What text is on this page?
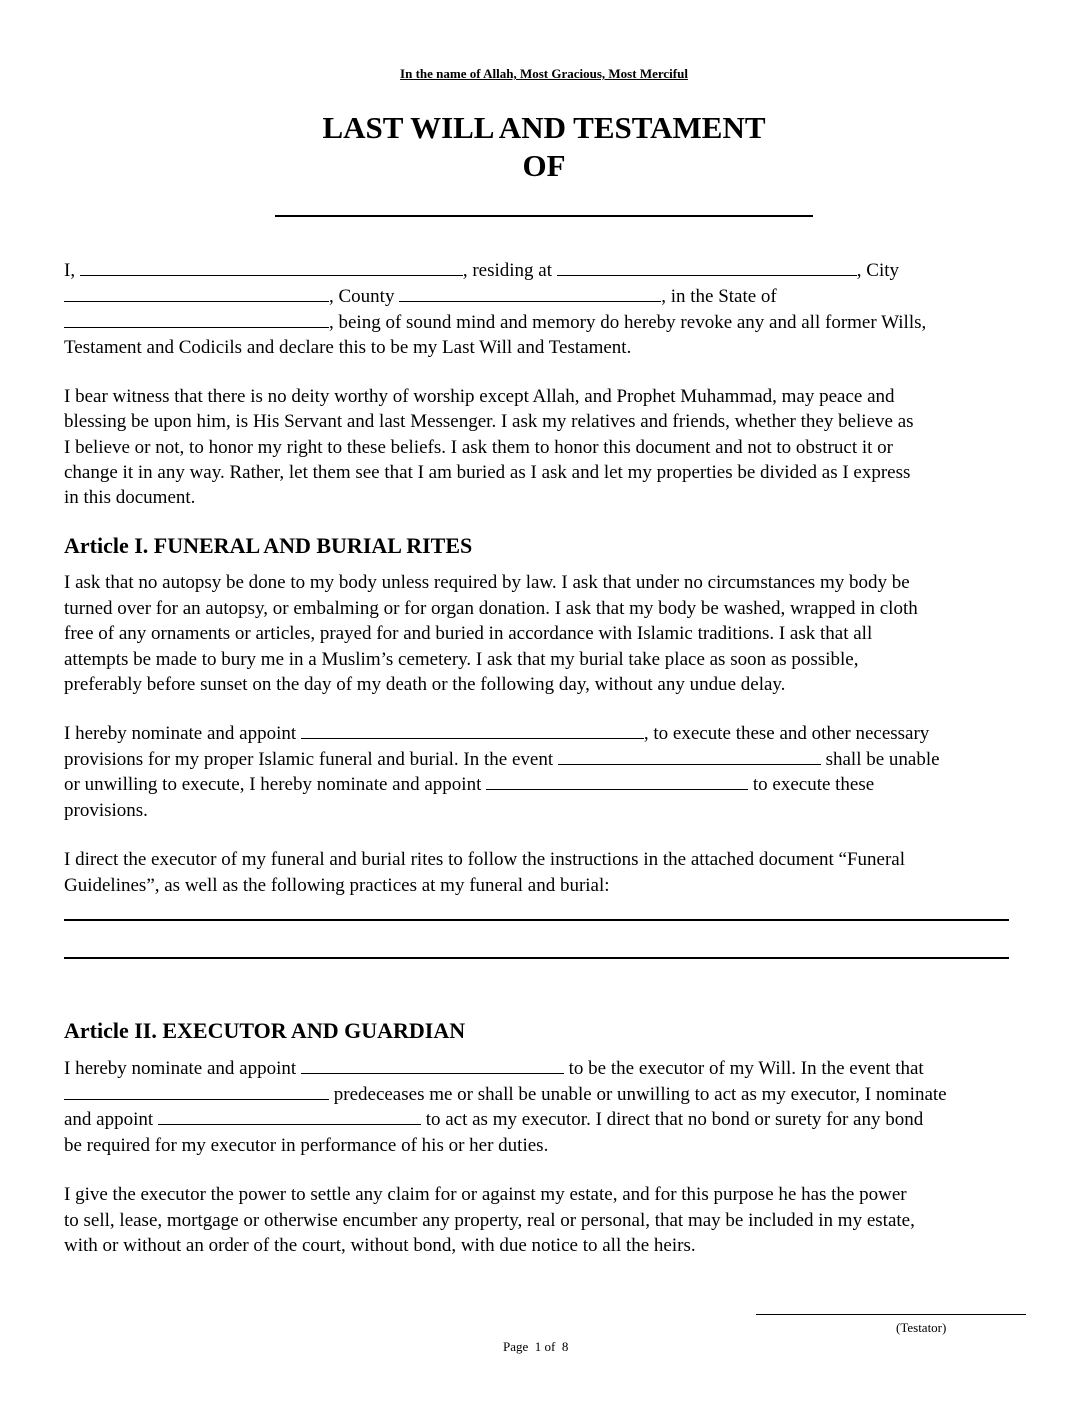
In the name of Allah, Most Gracious, Most Merciful
LAST WILL AND TESTAMENT
OF
I,	, residing at	, City
, County	, in the State of
, being of sound mind and memory do hereby revoke any and all former Wills,
Testament and Codicils and declare this to be my Last Will and Testament.
I bear witness that there is no deity worthy of worship except Allah, and Prophet Muhammad, may peace and
blessing be upon him, is His Servant and last Messenger. I ask my relatives and friends, whether they believe as
I believe or not, to honor my right to these beliefs. I ask them to honor this document and not to obstruct it or
change it in any way. Rather, let them see that I am buried as I ask and let my properties be divided as I express
in this document.
Article I. FUNERAL AND BURIAL RITES
I ask that no autopsy be done to my body unless required by law. I ask that under no circumstances my body be
turned over for an autopsy, or embalming or for organ donation. I ask that my body be washed, wrapped in cloth
free of any ornaments or articles, prayed for and buried in accordance with Islamic traditions. I ask that all
attempts be made to bury me in a Muslim’s cemetery. I ask that my burial take place as soon as possible,
preferably before sunset on the day of my death or the following day, without any undue delay.
I hereby nominate and appoint	, to execute these and other necessary
provisions for my proper Islamic funeral and burial. In the event	shall be unable
or unwilling to execute, I hereby nominate and appoint	to execute these
provisions.
I direct the executor of my funeral and burial rites to follow the instructions in the attached document “Funeral
Guidelines”, as well as the following practices at my funeral and burial:
Article II. EXECUTOR AND GUARDIAN
I hereby nominate and appoint	to be the executor of my Will. In the event that
predeceases me or shall be unable or unwilling to act as my executor, I nominate
and appoint	to act as my executor. I direct that no bond or surety for any bond
be required for my executor in performance of his or her duties.
I give the executor the power to settle any claim for or against my estate, and for this purpose he has the power
to sell, lease, mortgage or otherwise encumber any property, real or personal, that may be included in my estate,
with or without an order of the court, without bond, with due notice to all the heirs.
(Testator)
Page  1 of  8
